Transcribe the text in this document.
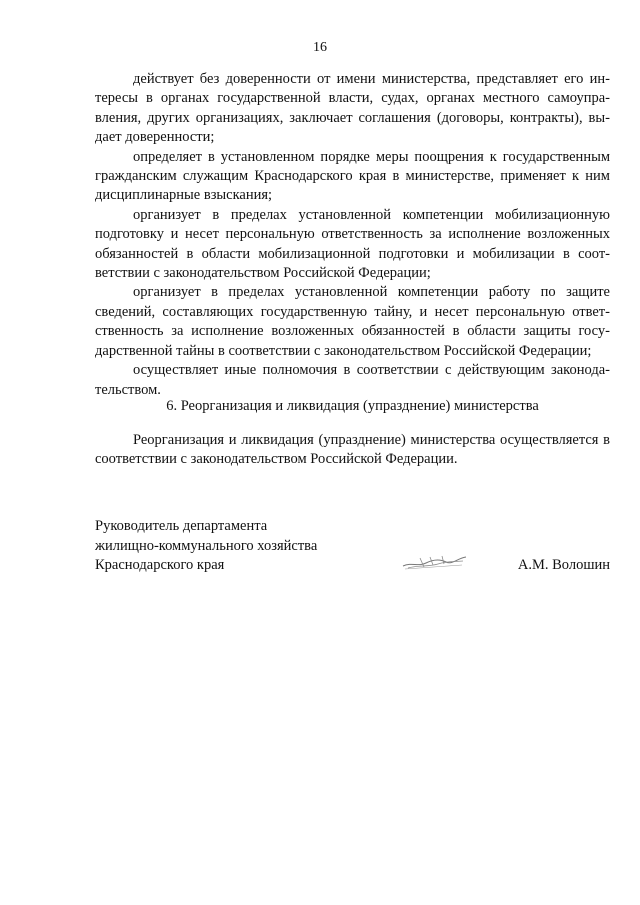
16

действует без доверенности от имени министерства, представляет его интересы в органах государственной власти, судах, органах местного самоуправления, других организациях, заключает соглашения (договоры, контракты), выдает доверенности;

определяет в установленном порядке меры поощрения к государственным гражданским служащим Краснодарского края в министерстве, применяет к ним дисциплинарные взыскания;

организует в пределах установленной компетенции мобилизационную подготовку и несет персональную ответственность за исполнение возложенных обязанностей в области мобилизационной подготовки и мобилизации в соответствии с законодательством Российской Федерации;

организует в пределах установленной компетенции работу по защите сведений, составляющих государственную тайну, и несет персональную ответственность за исполнение возложенных обязанностей в области защиты государственной тайны в соответствии с законодательством Российской Федерации;

осуществляет иные полномочия в соответствии с действующим законодательством.

6. Реорганизация и ликвидация (упразднение) министерства

Реорганизация и ликвидация (упразднение) министерства осуществляется в соответствии с законодательством Российской Федерации.

Руководитель департамента
жилищно-коммунального хозяйства
Краснодарского края	А.М. Волошин
